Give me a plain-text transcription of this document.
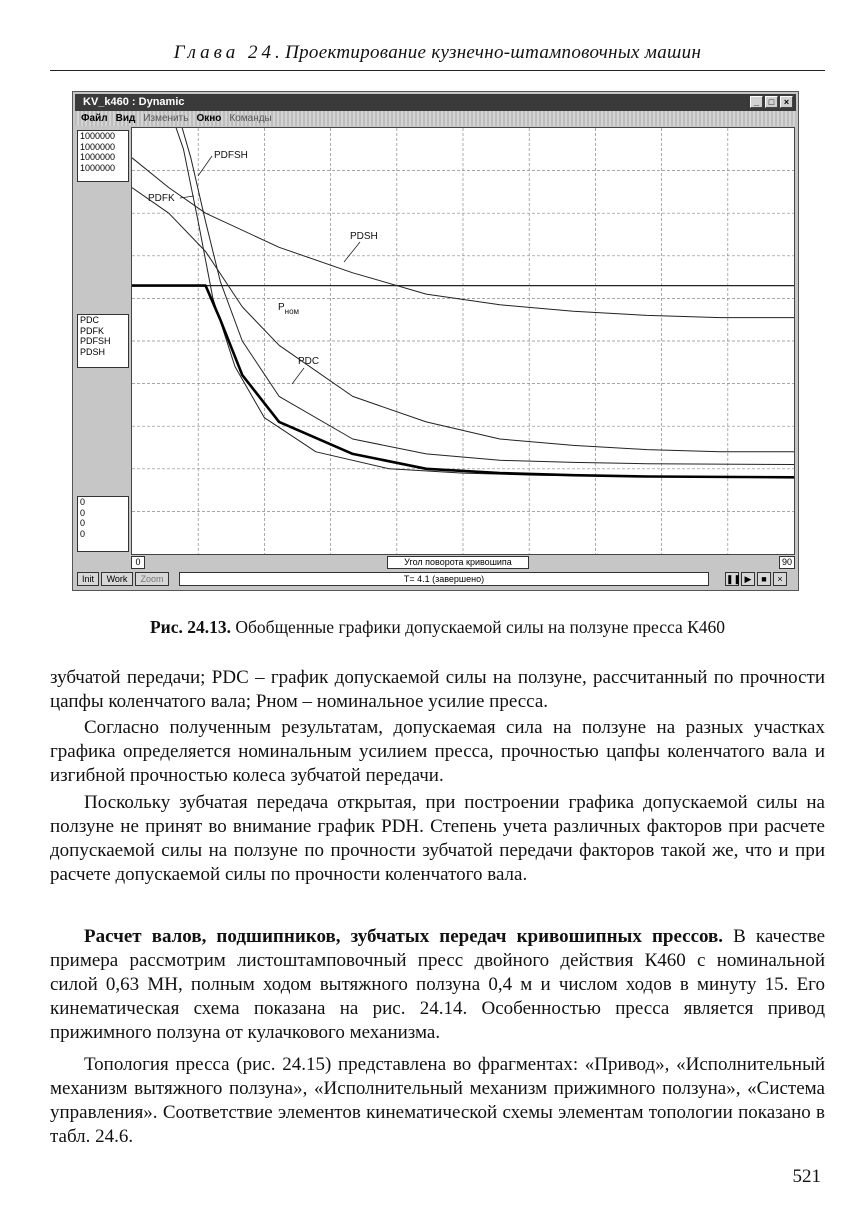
Глава 24. Проектирование кузнечно-штамповочных машин
KV_k460 : Dynamic	_	□	×
Файл Вид Изменить Окно Команды
1000000
1000000
1000000
1000000
PDC
PDFK
PDFSH
PDSH
0
0
0
0
PDFSH
PDFK
PDSH
$P_{ном}$
PDC
0	Угол поворота кривошипа	90
Init	Work	Zoom	T= 4.1 (завершено)	❚❚ ▶	■	×
Рис. 24.13. Обобщенные графики допускаемой силы на ползуне пресса К460
зубчатой передачи; PDC – график допускаемой силы на ползуне, рассчитанный по прочности цапфы коленчатого вала; Pном – номинальное усилие пресса.
Согласно полученным результатам, допускаемая сила на ползуне на разных участках графика определяется номинальным усилием пресса, прочностью цапфы коленчатого вала и изгибной прочностью колеса зубчатой передачи.
Поскольку зубчатая передача открытая, при построении графика допускаемой силы на ползуне не принят во внимание график PDH. Степень учета различных факторов при расчете допускаемой силы на ползуне по прочности зубчатой передачи факторов такой же, что и при расчете допускаемой силы по прочности коленчатого вала.
Расчет валов, подшипников, зубчатых передач кривошипных прессов. В качестве примера рассмотрим листоштамповочный пресс двойного действия К460 с номинальной силой 0,63 МН, полным ходом вытяжного ползуна 0,4 м и числом ходов в минуту 15. Его кинематическая схема показана на рис. 24.14. Особенностью пресса является привод прижимного ползуна от кулачкового механизма.
Топология пресса (рис. 24.15) представлена во фрагментах: «Привод», «Исполнительный механизм вытяжного ползуна», «Исполнительный механизм прижимного ползуна», «Система управления». Соответствие элементов кинематической схемы элементам топологии показано в табл. 24.6.
521
